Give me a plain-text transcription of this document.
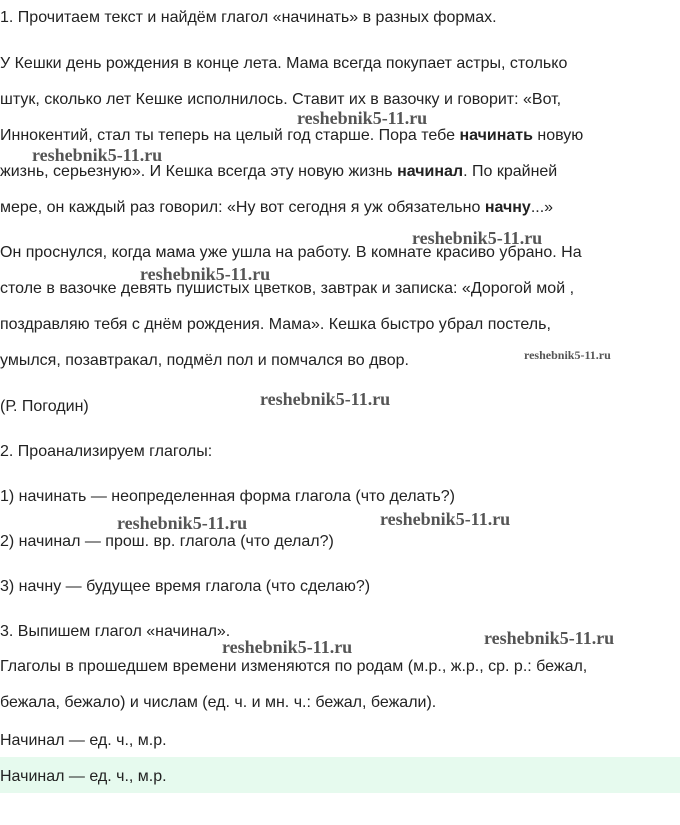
1. Прочитаем текст и найдём глагол «начинать» в разных формах.

У Кешки день рождения в конце лета. Мама всегда покупает астры, столько

штук, сколько лет Кешке исполнилось. Ставит их в вазочку и говорит: «Вот,

Иннокентий, стал ты теперь на целый год старше. Пора тебе начинать новую

жизнь, серьезную». И Кешка всегда эту новую жизнь начинал. По крайней

мере, он каждый раз говорил: «Ну вот сегодня я уж обязательно начну...»

Он проснулся, когда мама уже ушла на работу. В комнате красиво убрано. На

столе в вазочке девять пушистых цветков, завтрак и записка: «Дорогой мой ,

поздравляю тебя с днём рождения. Мама». Кешка быстро убрал постель,

умылся, позавтракал, подмёл пол и помчался во двор.

(Р. Погодин)

2. Проанализируем глаголы:

1) начинать — неопределенная форма глагола (что делать?)

2) начинал — прош. вр. глагола (что делал?)

3) начну — будущее время глагола (что сделаю?)

3. Выпишем глагол «начинал».

Глаголы в прошедшем времени изменяются по родам (м.р., ж.р., ср. р.: бежал,

бежала, бежало) и числам (ед. ч. и мн. ч.: бежал, бежали).

Начинал — ед. ч., м.р.

Начинал — ед. ч., м.р.

reshebnik5-11.ru
reshebnik5-11.ru
reshebnik5-11.ru
reshebnik5-11.ru
reshebnik5-11.ru
reshebnik5-11.ru
reshebnik5-11.ru	reshebnik5-11.ru
reshebnik5-11.ru	reshebnik5-11.ru
